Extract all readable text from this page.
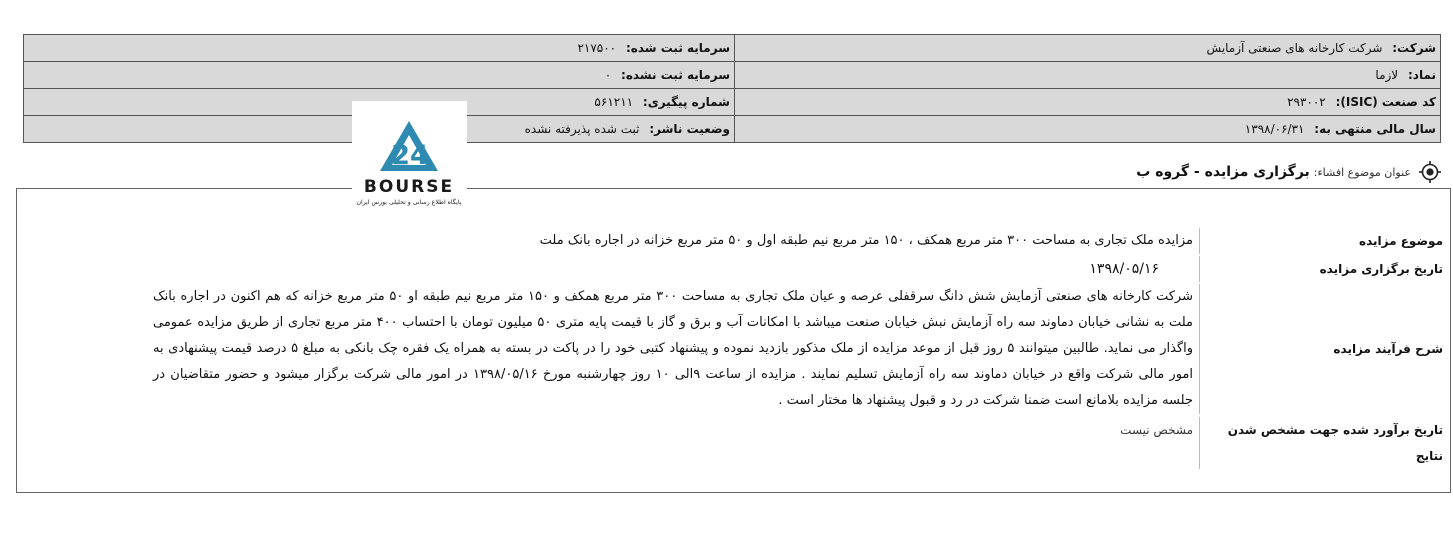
شرکت: شرکت کارخانه های صنعتی آزمایش	سرمایه ثبت شده: ۲۱۷۵۰۰
نماد: لازما	سرمایه ثبت نشده: ۰
کد صنعت (ISIC): ۲۹۳۰۰۲	شماره پیگیری: ۵۶۱۲۱۱
سال مالی منتهی به: ۱۳۹۸/۰۶/۳۱	وضعیت ناشر: ثبت شده پذیرفته نشده
24
BOURSE
پایگاه اطلاع رسانی و تحلیلی بورس ایران
عنوان موضوع افشاء:
برگزاری مزایده - گروه ب
موضوع مزایده
مزایده ملک تجاری به مساحت ۳۰۰ متر مربع همکف ، ۱۵۰ متر مربع نیم طبقه اول و ۵۰ متر مربع خزانه در اجاره بانک ملت
تاریخ برگزاری مزایده
۱۳۹۸/۰۵/۱۶
شرح فرآیند مزایده
شرکت کارخانه های صنعتی آزمایش شش دانگ سرقفلی عرصه و عیان ملک تجاری به مساحت ۳۰۰ متر مربع همکف و ۱۵۰ متر مربع نیم طبقه او ۵۰ متر مربع خزانه که هم اکنون در اجاره بانک ملت به نشانی خیابان دماوند سه راه آزمایش نبش خیابان صنعت میباشد با امکانات آب و برق و گاز با قیمت پایه متری ۵۰ میلیون تومان با احتساب ۴۰۰ متر مربع تجاری از طریق مزایده عمومی واگذار می نماید. طالبین میتوانند ۵ روز قبل از موعد مزایده از ملک مذکور بازدید نموده و پیشنهاد کتبی خود را در پاکت در بسته به همراه یک فقره چک بانکی به مبلغ ۵ درصد قیمت پیشنهادی به امور مالی شرکت واقع در خیابان دماوند سه راه آزمایش تسلیم نمایند . مزایده از ساعت ۹الی ۱۰ روز چهارشنبه مورخ ۱۳۹۸/۰۵/۱۶ در امور مالی شرکت برگزار میشود و حضور متقاضیان در جلسه مزایده بلامانع است ضمنا شرکت در رد و قبول پیشنهاد ها مختار است .
تاریخ برآورد شده جهت مشخص شدن نتایج
مشخص نیست
